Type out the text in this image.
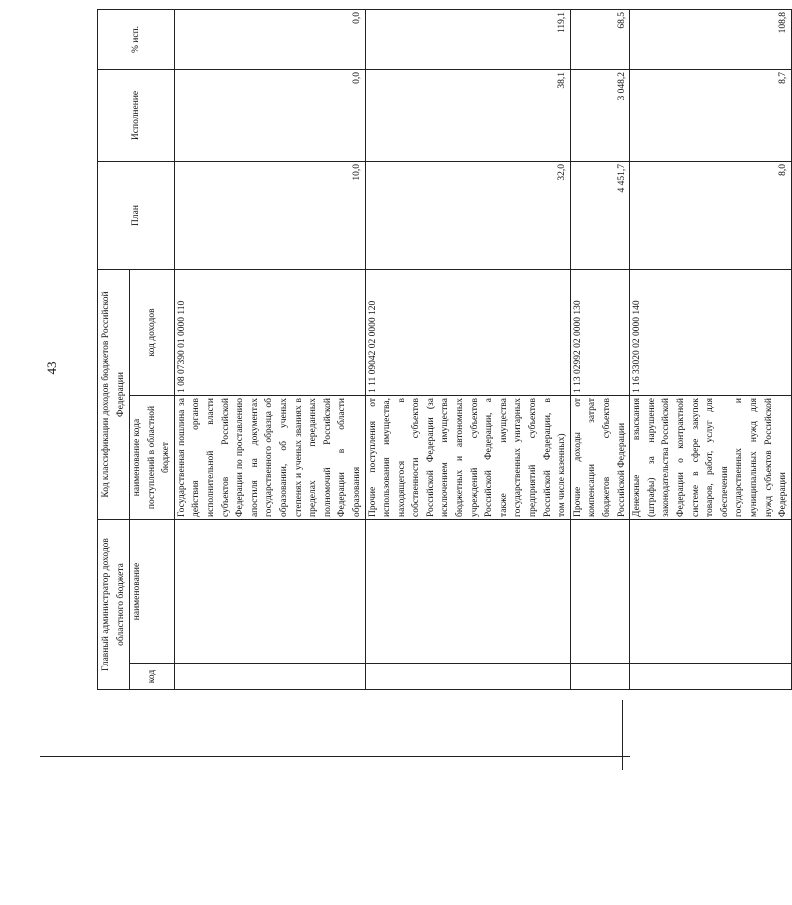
43
Главный администратор доходов областного бюджета		Код классификации доходов бюджетов Российской Федерации		План	Исполнение	% исп.
код	наименование	наименование кода поступлений в областной бюджет	код доходов			
		Государственная пошлина за действия органов исполнительной власти субъектов Российской Федерации по проставлению апостиля на документах государственного образца об образовании, об ученых степенях и ученых званиях в пределах переданных полномочий Российской Федерации в области образования	1 08 07390 01 0000 110	10,0	0,0	0,0
		Прочие поступления от использования имущества, находящегося в собственности субъектов Российской Федерации (за исключением имущества бюджетных и автономных учреждений субъектов Российской Федерации, а также имущества государственных унитарных предприятий субъектов Российской Федерации, в том числе казенных)	1 11 09042 02 0000 120	32,0	38,1	119,1
		Прочие доходы от компенсации затрат бюджетов субъектов Российской Федерации	1 13 02992 02 0000 130	4 451,7	3 048,2	68,5
		Денежные взыскания (штрафы) за нарушение законодательства Российской Федерации о контрактной системе в сфере закупок товаров, работ, услуг для обеспечения государственных и муниципальных нужд для нужд субъектов Российской Федерации	1 16 33020 02 0000 140	8,0	8,7	108,8
